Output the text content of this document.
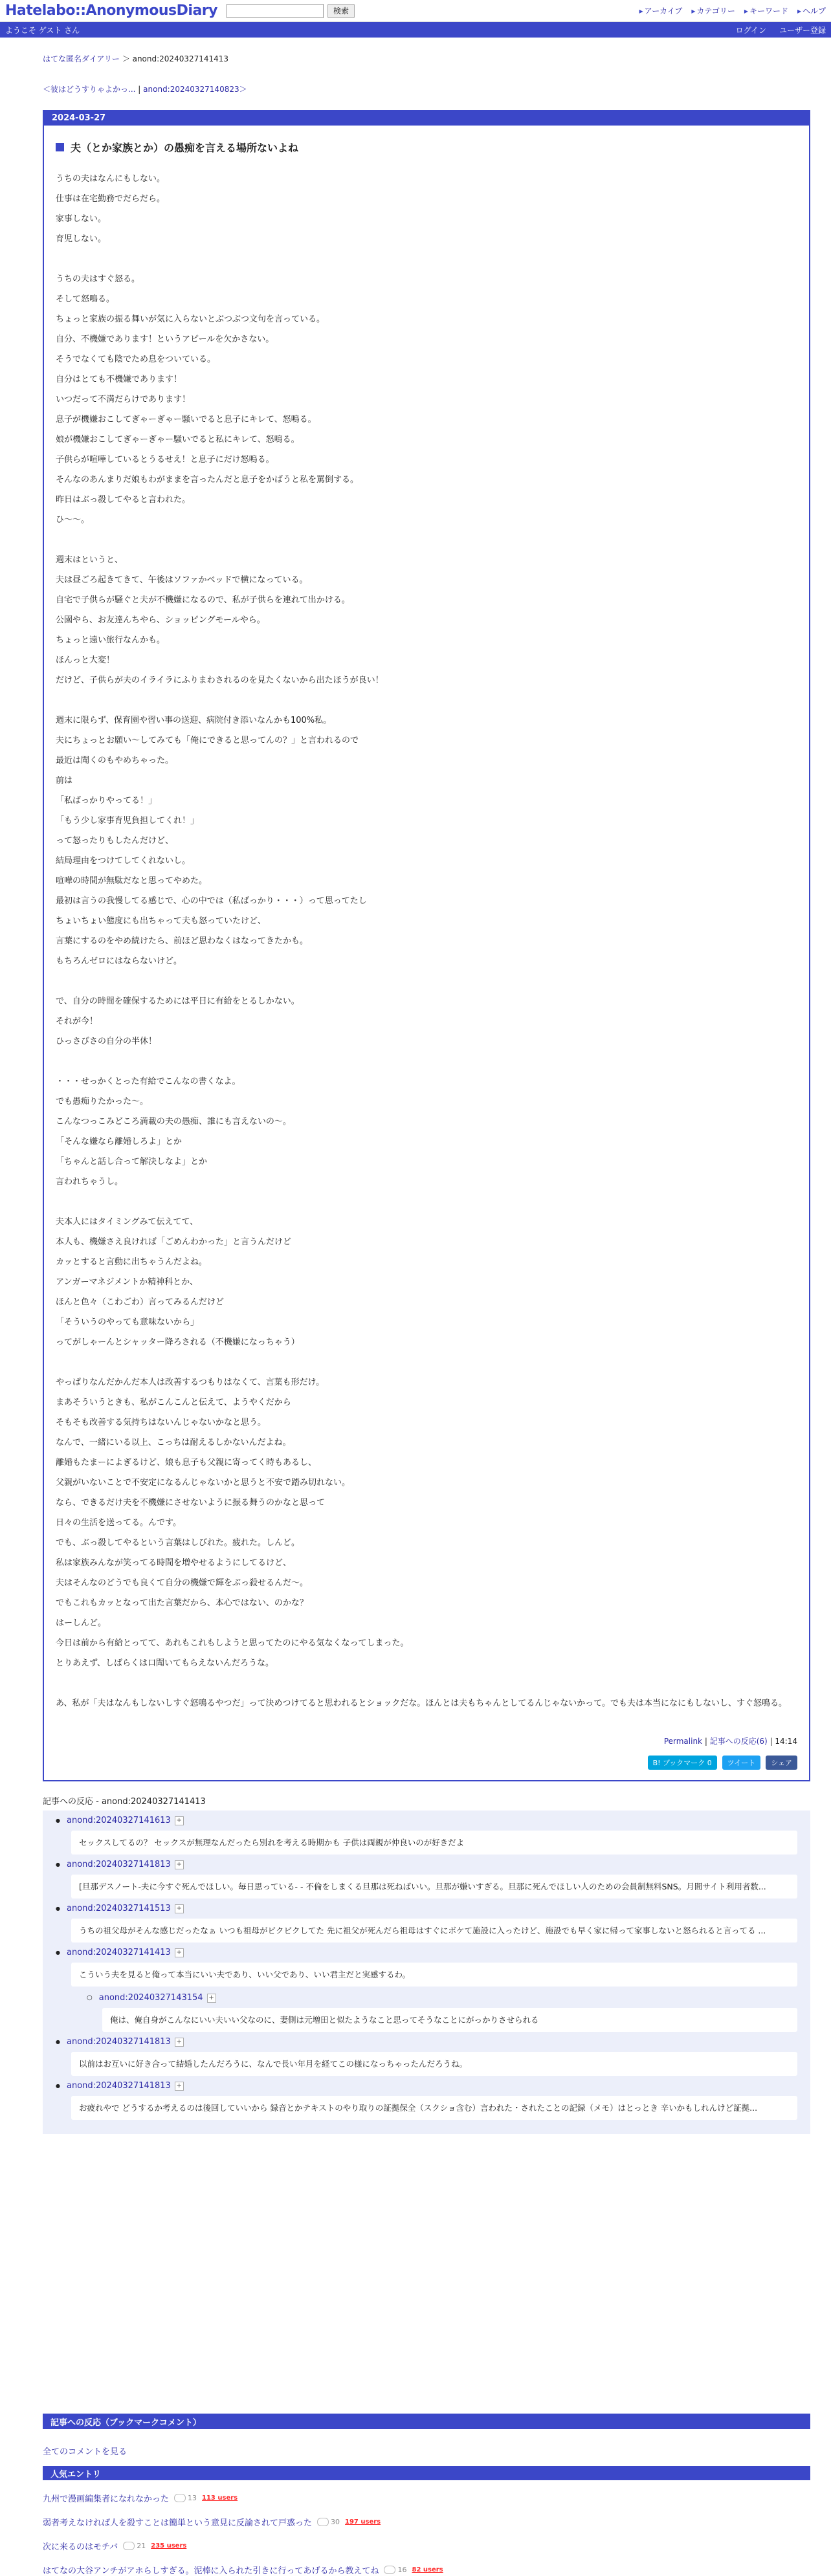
Hatelabo::AnonymousDiary	検索	▸ アーカイブ	▸ カテゴリー	▸ キーワード	▸ ヘルプ
ようこそ ゲスト さん	ログイン ユーザー登録
はてな匿名ダイアリー ＞ anond:20240327141413
＜彼はどうすりゃよかっ... | anond:20240327140823＞
2024-03-27
夫（とか家族とか）の愚痴を言える場所ないよね

うちの夫はなんにもしない。

仕事は在宅勤務でだらだら。

家事しない。

育児しない。

うちの夫はすぐ怒る。

そして怒鳴る。

ちょっと家族の振る舞いが気に入らないとぶつぶつ文句を言っている。

自分、不機嫌であります！というアピールを欠かさない。

そうでなくても陰でため息をついている。

自分はとても不機嫌であります！

いつだって不満だらけであります！

息子が機嫌おこしてぎゃーぎゃー騒いでると息子にキレて、怒鳴る。

娘が機嫌おこしてぎゃーぎゃー騒いでると私にキレて、怒鳴る。

子供らが喧嘩しているとうるせえ！と息子にだけ怒鳴る。

そんなのあんまりだ娘もわがままを言ったんだと息子をかばうと私を罵倒する。

昨日はぶっ殺してやると言われた。

ひ〜〜。

週末はというと、

夫は昼ごろ起きてきて、午後はソファかベッドで横になっている。

自宅で子供らが騒ぐと夫が不機嫌になるので、私が子供らを連れて出かける。

公園やら、お友達んちやら、ショッピングモールやら。

ちょっと遠い旅行なんかも。

ほんっと大変！

だけど、子供らが夫のイライラにふりまわされるのを見たくないから出たほうが良い！

週末に限らず、保育園や習い事の送迎、病院付き添いなんかも100%私。

夫にちょっとお願い〜してみても「俺にできると思ってんの？」と言われるので

最近は聞くのもやめちゃった。

前は

「私ばっかりやってる！」

「もう少し家事育児負担してくれ！」

って怒ったりもしたんだけど、

結局理由をつけてしてくれないし。

喧嘩の時間が無駄だなと思ってやめた。

最初は言うの我慢してる感じで、心の中では（私ばっかり・・・）って思ってたし

ちょいちょい態度にも出ちゃって夫も怒っていたけど、

言葉にするのをやめ続けたら、前ほど思わなくはなってきたかも。

もちろんゼロにはならないけど。

で、自分の時間を確保するためには平日に有給をとるしかない。

それが今！

ひっさびさの自分の半休！

・・・せっかくとった有給でこんなの書くなよ。

でも愚痴りたかった〜。

こんなつっこみどころ満載の夫の愚痴、誰にも言えないの〜。

「そんな嫌なら離婚しろよ」とか

「ちゃんと話し合って解決しなよ」とか

言われちゃうし。

夫本人にはタイミングみて伝えてて、

本人も、機嫌さえ良ければ「ごめんわかった」と言うんだけど

カッとすると言動に出ちゃうんだよね。

アンガーマネジメントか精神科とか、

ほんと色々（こわごわ）言ってみるんだけど

「そういうのやっても意味ないから」

ってがしゃーんとシャッター降ろされる（不機嫌になっちゃう）

やっぱりなんだかんだ本人は改善するつもりはなくて、言葉も形だけ。

まあそういうときも、私がこんこんと伝えて、ようやくだから

そもそも改善する気持ちはないんじゃないかなと思う。

なんで、一緒にいる以上、こっちは耐えるしかないんだよね。

離婚もたまーによぎるけど、娘も息子も父親に寄ってく時もあるし、

父親がいないことで不安定になるんじゃないかと思うと不安で踏み切れない。

なら、できるだけ夫を不機嫌にさせないように振る舞うのかなと思って

日々の生活を送ってる。んです。

でも、ぶっ殺してやるという言葉はしびれた。疲れた。しんど。

私は家族みんなが笑ってる時間を増やせるようにしてるけど、

夫はそんなのどうでも良くて自分の機嫌で輝をぶっ殺せるんだ〜。

でもこれもカッとなって出た言葉だから、本心ではない、のかな？

はーしんど。

今日は前から有給とってて、あれもこれもしようと思ってたのにやる気なくなってしまった。

とりあえず、しばらくは口聞いてもらえないんだろうな。

あ、私が「夫はなんもしないしすぐ怒鳴るやつだ」って決めつけてると思われるとショックだな。ほんとは夫もちゃんとしてるんじゃないかって。でも夫は本当になにもしないし、すぐ怒鳴る。

Permalink | 記事への反応(6) | 14:14
B! ブックマーク 0	ツイート	シェア
記事への反応 - anond:20240327141413
● anond:20240327141613 +
セックスしてるの？ セックスが無理なんだったら別れを考える時期かも 子供は両親が仲良いのが好きだよ
● anond:20240327141813 +
[旦那デスノート-夫に今すぐ死んでほしい。毎日思っている- - 不倫をしまくる旦那は死ねばいい。旦那が嫌いすぎる。旦那に死んでほしい人のための会員制無料SNS。月間サイト利用者数...
● anond:20240327141513 +
うちの祖父母がそんな感じだったなぁ いつも祖母がビクビクしてた 先に祖父が死んだら祖母はすぐにボケて施設に入ったけど、施設でも早く家に帰って家事しないと怒られると言ってる ...
● anond:20240327141413 +
こういう夫を見ると俺って本当にいい夫であり、いい父であり、いい君主だと実感するわ。
○ anond:20240327143154 +
俺は、俺自身がこんなにいい夫いい父なのに、妻側は元増田と似たようなこと思ってそうなことにがっかりさせられる
● anond:20240327141813 +
以前はお互いに好き合って結婚したんだろうに、なんで長い年月を経てこの様になっちゃったんだろうね。
● anond:20240327141813 +
お疲れやで どうするか考えるのは後回していいから 録音とかテキストのやり取りの証拠保全（スクショ含む）言われた・されたことの記録（メモ）はとっとき 辛いかもしれんけど証拠...
記事への反応（ブックマークコメント）
全てのコメントを見る
人気エントリ
九州で漫画編集者になれなかった	13 113 users
弱者考えなければ人を殺すことは簡単という意見に反論されて戸惑った	30 197 users
次に来るのはモチバ	21 235 users
はてなの大谷アンチがアホらしすぎる。泥棒に入られた引きに行ってあげるから教えてね	16 82 users
